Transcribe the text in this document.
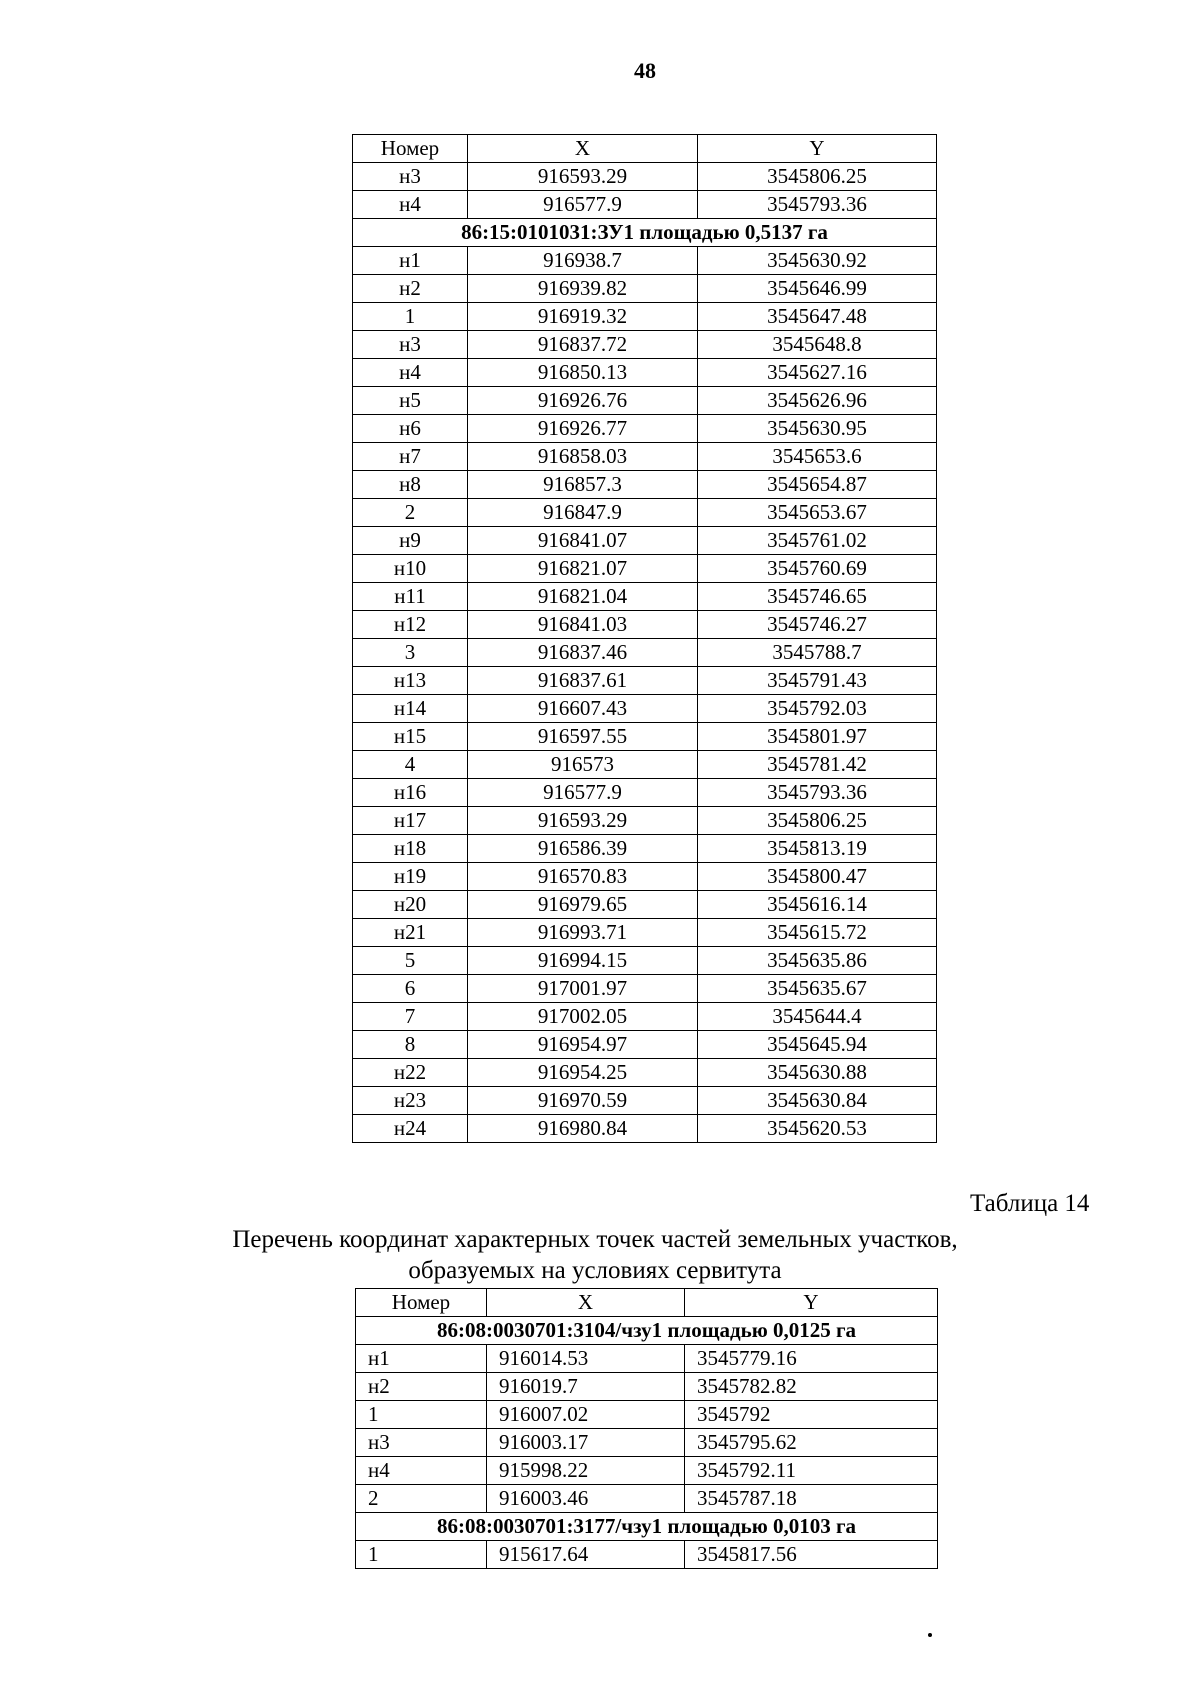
48
Номер	X	Y
н3	916593.29	3545806.25
н4	916577.9	3545793.36
86:15:0101031:ЗУ1 площадью 0,5137 га		
н1	916938.7	3545630.92
н2	916939.82	3545646.99
1	916919.32	3545647.48
н3	916837.72	3545648.8
н4	916850.13	3545627.16
н5	916926.76	3545626.96
н6	916926.77	3545630.95
н7	916858.03	3545653.6
н8	916857.3	3545654.87
2	916847.9	3545653.67
н9	916841.07	3545761.02
н10	916821.07	3545760.69
н11	916821.04	3545746.65
н12	916841.03	3545746.27
3	916837.46	3545788.7
н13	916837.61	3545791.43
н14	916607.43	3545792.03
н15	916597.55	3545801.97
4	916573	3545781.42
н16	916577.9	3545793.36
н17	916593.29	3545806.25
н18	916586.39	3545813.19
н19	916570.83	3545800.47
н20	916979.65	3545616.14
н21	916993.71	3545615.72
5	916994.15	3545635.86
6	917001.97	3545635.67
7	917002.05	3545644.4
8	916954.97	3545645.94
н22	916954.25	3545630.88
н23	916970.59	3545630.84
н24	916980.84	3545620.53
Таблица 14
Перечень координат характерных точек частей земельных участков,
образуемых на условиях сервитута
Номер	X	Y
86:08:0030701:3104/чзу1 площадью 0,0125 га		
н1	916014.53	3545779.16
н2	916019.7	3545782.82
1	916007.02	3545792
н3	916003.17	3545795.62
н4	915998.22	3545792.11
2	916003.46	3545787.18
86:08:0030701:3177/чзу1 площадью 0,0103 га		
1	915617.64	3545817.56
